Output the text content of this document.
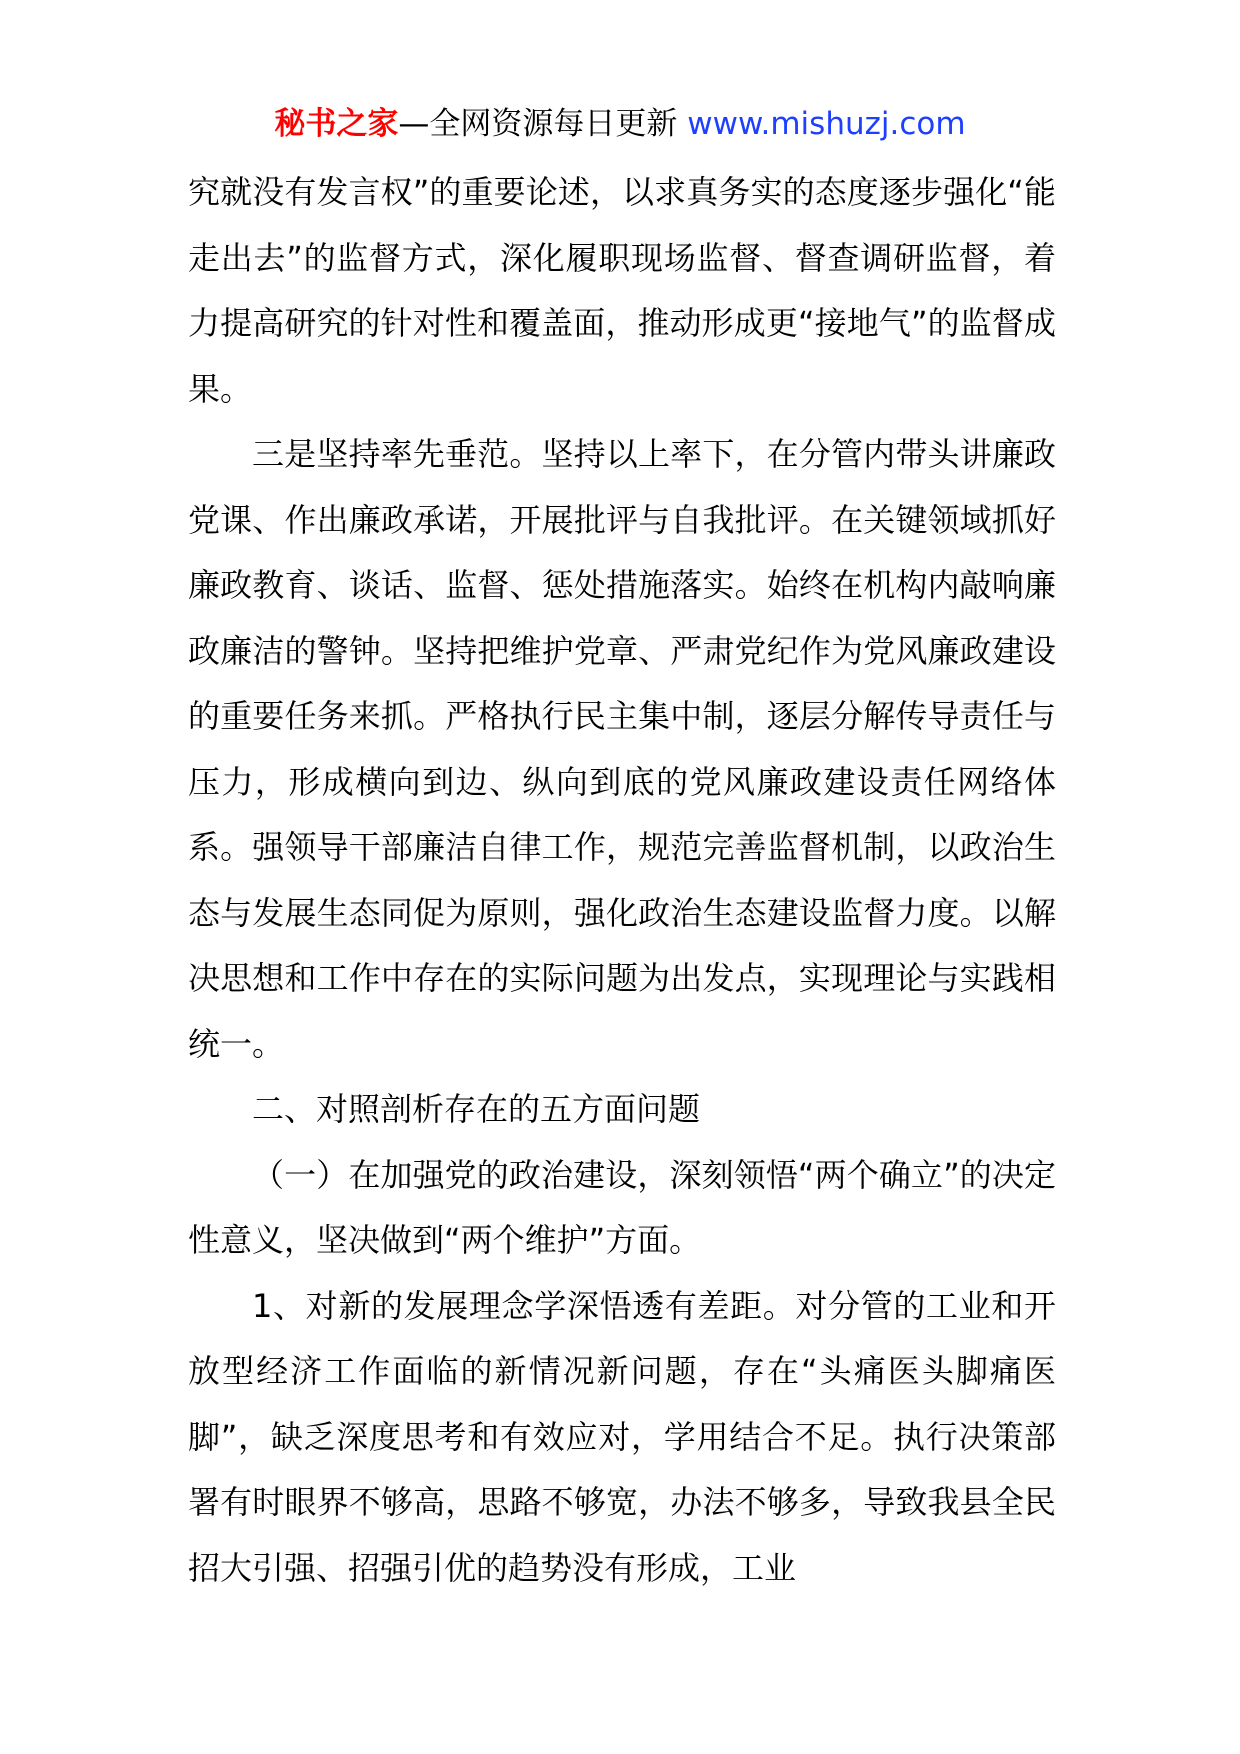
秘书之家—全网资源每日更新 www.mishuzj.com

究就没有发言权”的重要论述，以求真务实的态度逐步强化“能走出去”的监督方式，深化履职现场监督、督查调研监督，着力提高研究的针对性和覆盖面，推动形成更“接地气”的监督成果。

三是坚持率先垂范。坚持以上率下，在分管内带头讲廉政党课、作出廉政承诺，开展批评与自我批评。在关键领域抓好廉政教育、谈话、监督、惩处措施落实。始终在机构内敲响廉政廉洁的警钟。坚持把维护党章、严肃党纪作为党风廉政建设的重要任务来抓。严格执行民主集中制，逐层分解传导责任与压力，形成横向到边、纵向到底的党风廉政建设责任网络体系。强领导干部廉洁自律工作，规范完善监督机制，以政治生态与发展生态同促为原则，强化政治生态建设监督力度。以解决思想和工作中存在的实际问题为出发点，实现理论与实践相统一。

二、对照剖析存在的五方面问题

（一）在加强党的政治建设，深刻领悟“两个确立”的决定性意义，坚决做到“两个维护”方面。

1、对新的发展理念学深悟透有差距。对分管的工业和开放型经济工作面临的新情况新问题，存在“头痛医头脚痛医脚”，缺乏深度思考和有效应对，学用结合不足。执行决策部署有时眼界不够高，思路不够宽，办法不够多，导致我县全民招大引强、招强引优的趋势没有形成，工业
